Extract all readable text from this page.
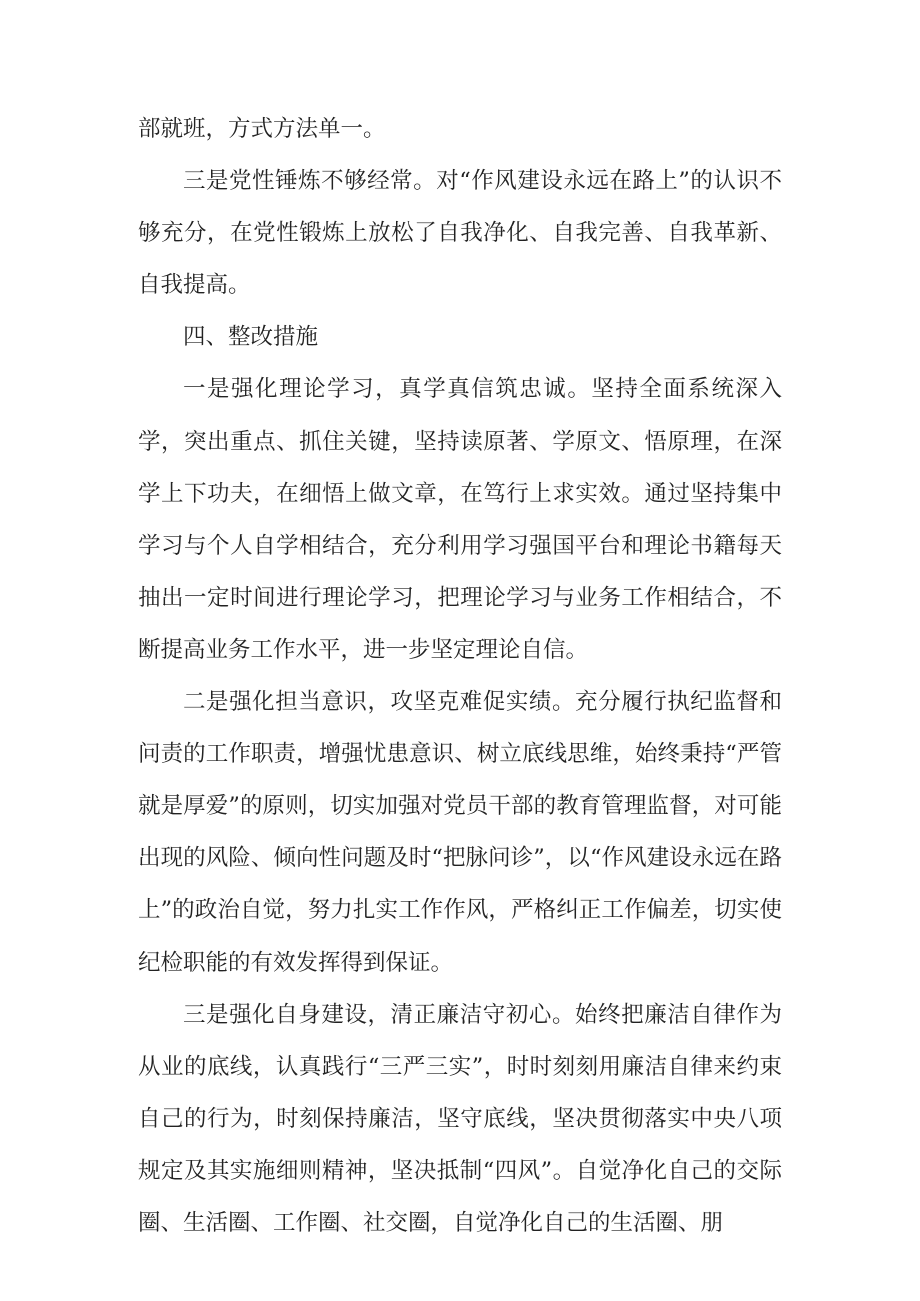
部就班，方式方法单一。

三是党性锤炼不够经常。对“作风建设永远在路上”的认识不够充分，在党性锻炼上放松了自我净化、自我完善、自我革新、自我提高。

四、整改措施

一是强化理论学习，真学真信筑忠诚。坚持全面系统深入学，突出重点、抓住关键，坚持读原著、学原文、悟原理，在深学上下功夫，在细悟上做文章，在笃行上求实效。通过坚持集中学习与个人自学相结合，充分利用学习强国平台和理论书籍每天抽出一定时间进行理论学习，把理论学习与业务工作相结合，不断提高业务工作水平，进一步坚定理论自信。

二是强化担当意识，攻坚克难促实绩。充分履行执纪监督和问责的工作职责，增强忧患意识、树立底线思维，始终秉持“严管就是厚爱”的原则，切实加强对党员干部的教育管理监督，对可能出现的风险、倾向性问题及时“把脉问诊”，以“作风建设永远在路上”的政治自觉，努力扎实工作作风，严格纠正工作偏差，切实使纪检职能的有效发挥得到保证。

三是强化自身建设，清正廉洁守初心。始终把廉洁自律作为从业的底线，认真践行“三严三实”，时时刻刻用廉洁自律来约束自己的行为，时刻保持廉洁，坚守底线，坚决贯彻落实中央八项规定及其实施细则精神，坚决抵制“四风”。自觉净化自己的交际圈、生活圈、工作圈、社交圈，自觉净化自己的生活圈、朋
